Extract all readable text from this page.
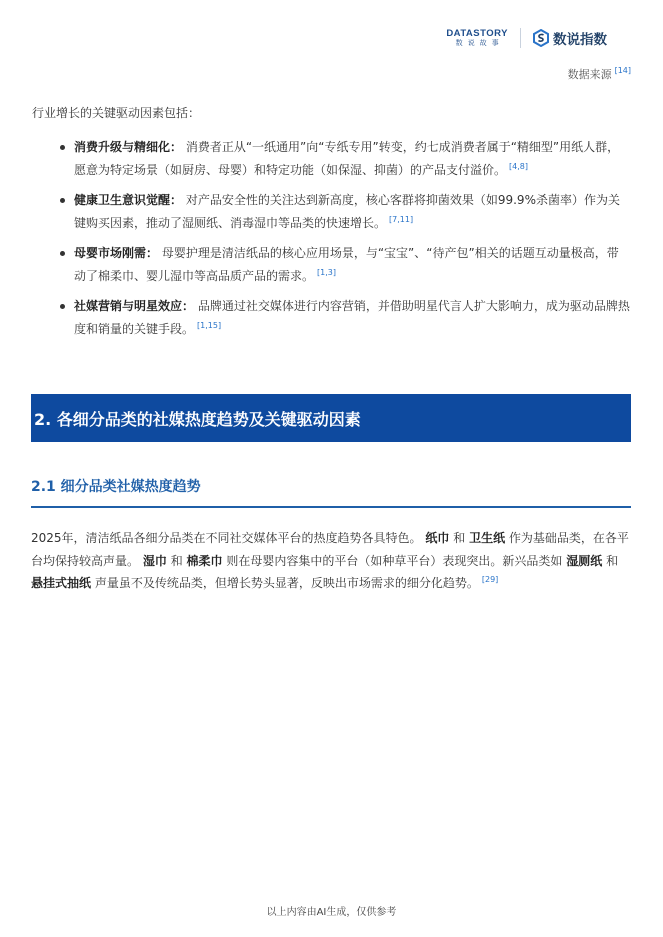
DATASTORY
数说故事	数说指数
数据来源 [14]
行业增长的关键驱动因素包括：
消费升级与精细化： 消费者正从“一纸通用”向“专纸专用”转变，约七成消费者属于“精细型”用纸人群，愿意为特定场景（如厨房、母婴）和特定功能（如保湿、抑菌）的产品支付溢价。 [4,8]
健康卫生意识觉醒： 对产品安全性的关注达到新高度，核心客群将抑菌效果（如99.9%杀菌率）作为关键购买因素，推动了湿厕纸、消毒湿巾等品类的快速增长。 [7,11]
母婴市场刚需： 母婴护理是清洁纸品的核心应用场景，与“宝宝”、“待产包”相关的话题互动量极高，带动了棉柔巾、婴儿湿巾等高品质产品的需求。 [1,3]
社媒营销与明星效应： 品牌通过社交媒体进行内容营销，并借助明星代言人扩大影响力，成为驱动品牌热度和销量的关键手段。 [1,15]
2. 各细分品类的社媒热度趋势及关键驱动因素
2.1 细分品类社媒热度趋势

2025年，清洁纸品各细分品类在不同社交媒体平台的热度趋势各具特色。 纸巾 和 卫生纸 作为基础品类，在各平台均保持较高声量。 湿巾 和 棉柔巾 则在母婴内容集中的平台（如种草平台）表现突出。新兴品类如 湿厕纸 和 悬挂式抽纸 声量虽不及传统品类，但增长势头显著，反映出市场需求的细分化趋势。 [29]

以上内容由AI生成，仅供参考
